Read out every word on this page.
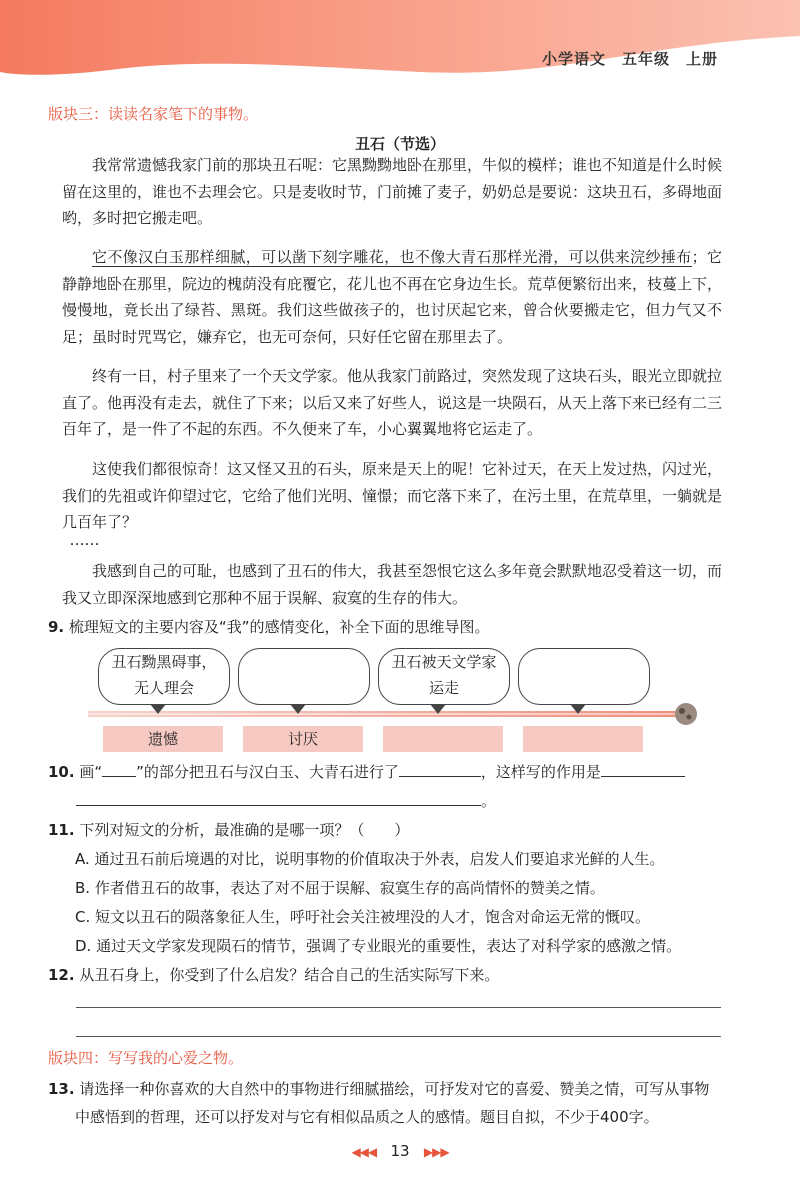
小学语文　五年级　上册
版块三：读读名家笔下的事物。
丑石（节选）
我常常遗憾我家门前的那块丑石呢：它黑黝黝地卧在那里，牛似的模样；谁也不知道是什么时候留在这里的，谁也不去理会它。只是麦收时节，门前摊了麦子，奶奶总是要说：这块丑石，多碍地面哟，多时把它搬走吧。
它不像汉白玉那样细腻，可以凿下刻字雕花，也不像大青石那样光滑，可以供来浣纱捶布；它静静地卧在那里，院边的槐荫没有庇覆它，花儿也不再在它身边生长。荒草便繁衍出来，枝蔓上下，慢慢地，竟长出了绿苔、黑斑。我们这些做孩子的，也讨厌起它来，曾合伙要搬走它，但力气又不足；虽时时咒骂它，嫌弃它，也无可奈何，只好任它留在那里去了。
终有一日，村子里来了一个天文学家。他从我家门前路过，突然发现了这块石头，眼光立即就拉直了。他再没有走去，就住了下来；以后又来了好些人，说这是一块陨石，从天上落下来已经有二三百年了，是一件了不起的东西。不久便来了车，小心翼翼地将它运走了。
这使我们都很惊奇！这又怪又丑的石头，原来是天上的呢！它补过天，在天上发过热，闪过光，我们的先祖或许仰望过它，它给了他们光明、憧憬；而它落下来了，在污土里，在荒草里，一躺就是几百年了？
……
我感到自己的可耻，也感到了丑石的伟大，我甚至怨恨它这么多年竟会默默地忍受着这一切，而我又立即深深地感到它那种不屈于误解、寂寞的生存的伟大。
9. 梳理短文的主要内容及“我”的感情变化，补全下面的思维导图。
丑石黝黑碍事，无人理会
丑石被天文学家运走
遗憾	讨厌
10. 画“ ”的部分把丑石与汉白玉、大青石进行了	，这样写的作用是
。
11. 下列对短文的分析，最准确的是哪一项？（　　）
A. 通过丑石前后境遇的对比，说明事物的价值取决于外表，启发人们要追求光鲜的人生。
B. 作者借丑石的故事，表达了对不屈于误解、寂寞生存的高尚情怀的赞美之情。
C. 短文以丑石的陨落象征人生，呼吁社会关注被埋没的人才，饱含对命运无常的慨叹。
D. 通过天文学家发现陨石的情节，强调了专业眼光的重要性，表达了对科学家的感激之情。
12. 从丑石身上，你受到了什么启发？结合自己的生活实际写下来。
版块四：写写我的心爱之物。
13. 请选择一种你喜欢的大自然中的事物进行细腻描绘，可抒发对它的喜爱、赞美之情，可写从事物
中感悟到的哲理，还可以抒发对与它有相似品质之人的感情。题目自拟，不少于400字。
◀◀◀ 13 ▶▶▶
